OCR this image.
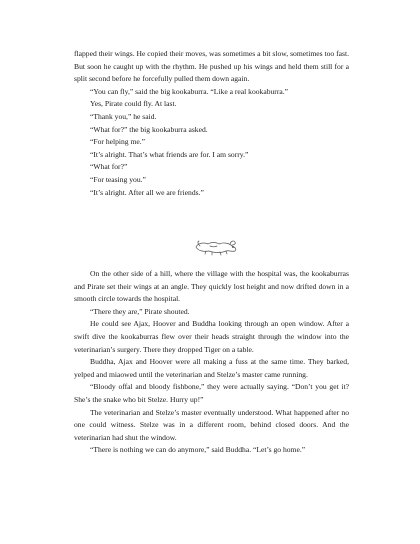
flapped their wings. He copied their moves, was sometimes a bit slow, sometimes too fast. But soon he caught up with the rhythm. He pushed up his wings and held them still for a split second before he forcefully pulled them down again.

“You can fly,” said the big kookaburra. “Like a real kookaburra.”

Yes, Pirate could fly. At last.

“Thank you,” he said.

“What for?” the big kookaburra asked.

“For helping me.”

“It’s alright. That’s what friends are for. I am sorry.”

“What for?”

“For teasing you.”

“It’s alright. After all we are friends.”

On the other side of a hill, where the village with the hospital was, the kookaburras and Pirate set their wings at an angle. They quickly lost height and now drifted down in a smooth circle towards the hospital.

“There they are,” Pirate shouted.

He could see Ajax, Hoover and Buddha looking through an open window. After a swift dive the kookaburras flew over their heads straight through the window into the veterinarian’s surgery. There they dropped Tiger on a table.

Buddha, Ajax and Hoover were all making a fuss at the same time. They barked, yelped and miaowed until the veterinarian and Stelze’s master came running.

“Bloody offal and bloody fishbone,” they were actually saying. “Don’t you get it? She’s the snake who bit Stelze. Hurry up!”

The veterinarian and Stelze’s master eventually understood. What happened after no one could witness. Stelze was in a different room, behind closed doors. And the veterinarian had shut the window.

“There is nothing we can do anymore,” said Buddha. “Let’s go home.”
